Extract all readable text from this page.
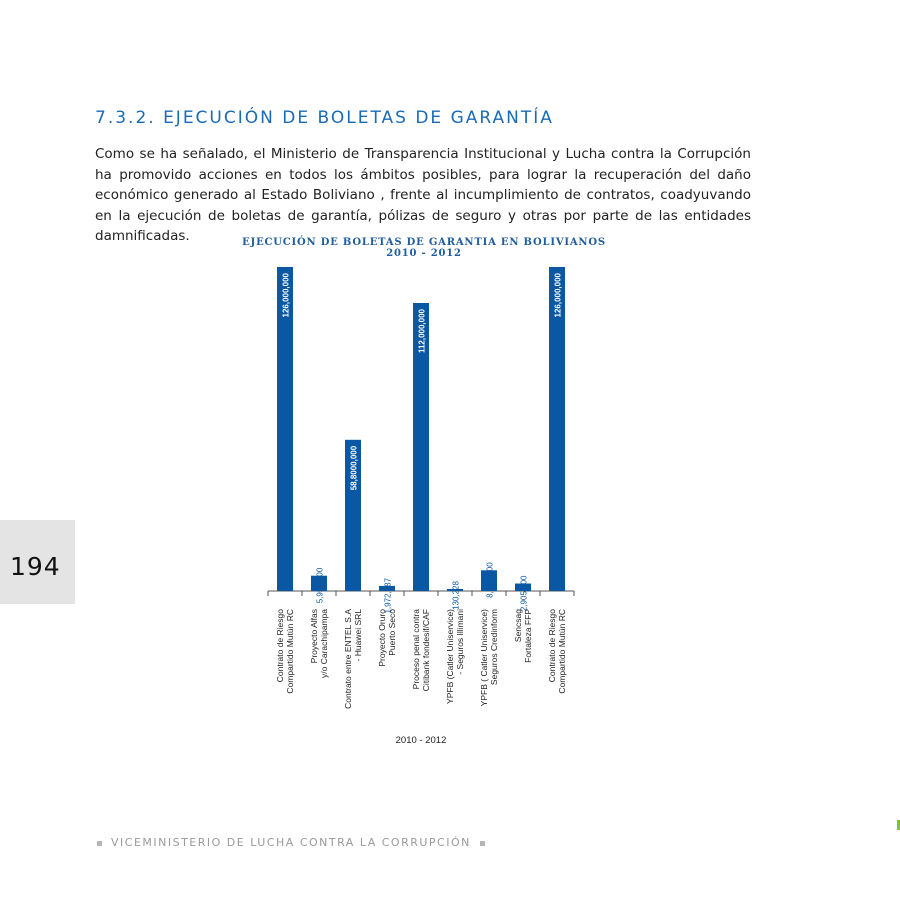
7.3.2. EJECUCIÓN DE BOLETAS DE GARANTÍA

Como se ha señalado, el Ministerio de Transparencia Institucional y Lucha contra la Corrupción ha promovido acciones en todos los ámbitos posibles, para lograr la recuperación del daño económico generado al Estado Boliviano , frente al incumplimiento de contratos, coadyuvando en la ejecución de boletas de garantía, pólizas de seguro y otras por parte de las entidades damnificadas.	EJECUCIÓN DE BOLETAS DE GARANTIA EN BOLIVIANOS 2010 - 2012
126,000,000
Contrato de Riesgo Compartido Mutún RC
5,950,000
Proyecto Alfas y/o Carachipampa
58,8000,000
Contrato entre ENTEL S.A - Huawei SRL
1,972,187
Proyecto Oruro Puerto Seco
112,000,000
Proceso penal contra Citibank fondesif/CAF
130,228
YPFB (Catler Uniservice) - Seguros Illimani
8,050,000
YPFB ( Catler Uniservice) Seguros Credinform
2,905,000
Sencsag Fortaleza FFP
126,000,000
Contrato de Riesgo Compartido Mutún RC
2010 - 2012
194
VICEMINISTERIO DE LUCHA CONTRA LA CORRUPCIÓN
